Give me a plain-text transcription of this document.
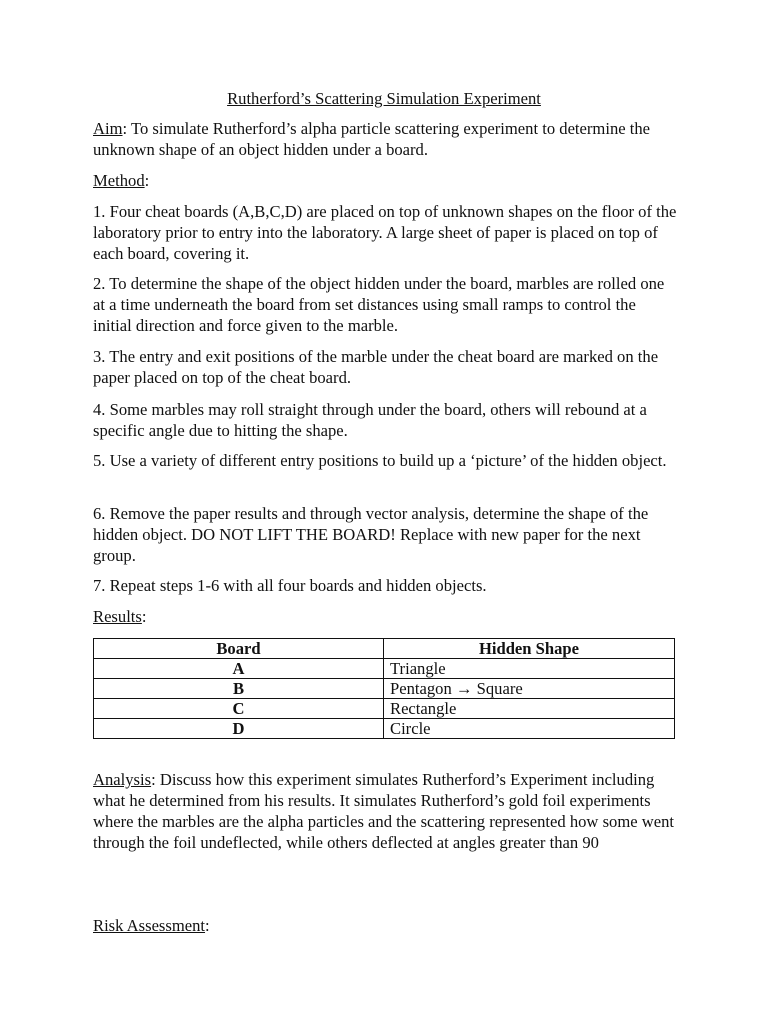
Rutherford’s Scattering Simulation Experiment

Aim: To simulate Rutherford’s alpha particle scattering experiment to determine the unknown shape of an object hidden under a board.

Method:

1. Four cheat boards (A,B,C,D) are placed on top of unknown shapes on the floor of the laboratory prior to entry into the laboratory. A large sheet of paper is placed on top of each board, covering it.

2. To determine the shape of the object hidden under the board, marbles are rolled one at a time underneath the board from set distances using small ramps to control the initial direction and force given to the marble.

3. The entry and exit positions of the marble under the cheat board are marked on the paper placed on top of the cheat board.

4. Some marbles may roll straight through under the board, others will rebound at a specific angle due to hitting the shape.

5. Use a variety of different entry positions to build up a ‘picture’ of the hidden object.

6. Remove the paper results and through vector analysis, determine the shape of the hidden object. DO NOT LIFT THE BOARD! Replace with new paper for the next group.

7. Repeat steps 1-6 with all four boards and hidden objects.

Results:

Board	Hidden Shape
A	Triangle
B	Pentagon → Square
C	Rectangle
D	Circle

Analysis: Discuss how this experiment simulates Rutherford’s Experiment including what he determined from his results. It simulates Rutherford’s gold foil experiments where the marbles are the alpha particles and the scattering represented how some went through the foil undeflected, while others deflected at angles greater than 90

Risk Assessment:
